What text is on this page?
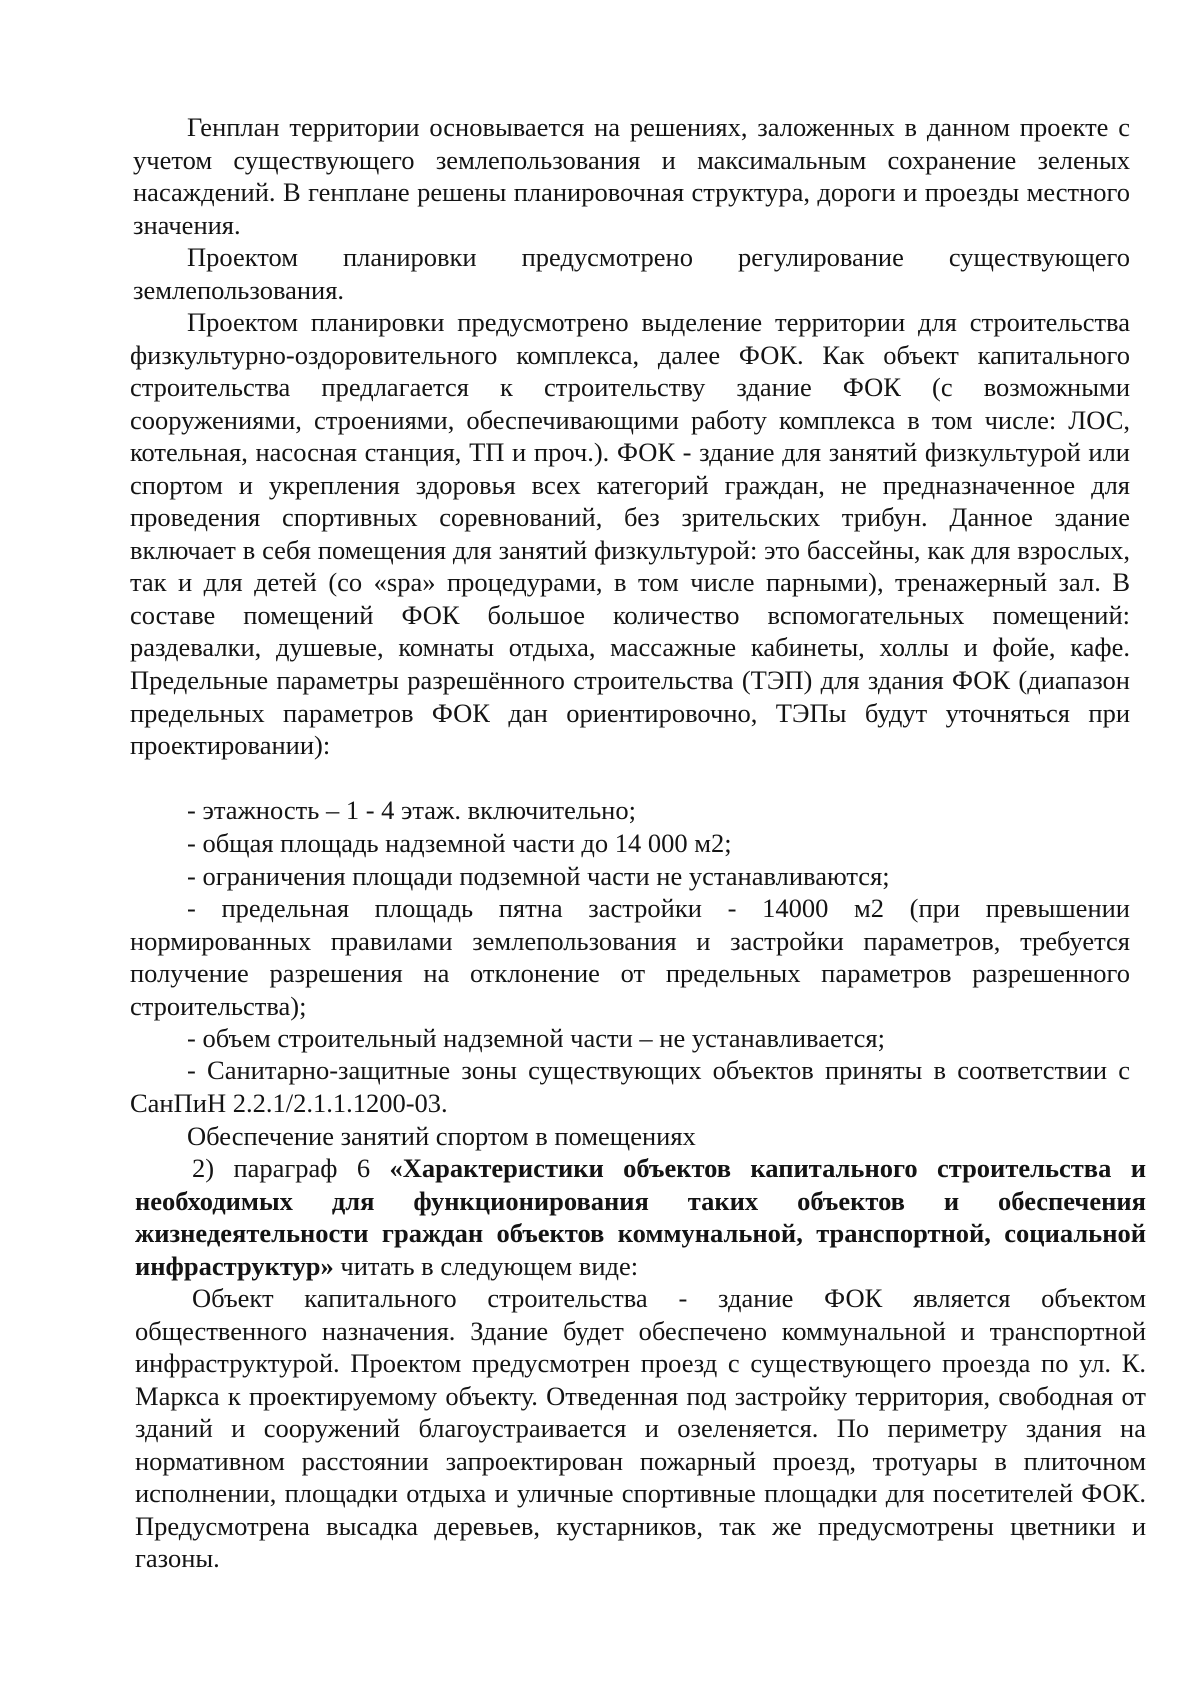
Генплан территории основывается на решениях, заложенных в данном проекте с учетом существующего землепользования и максимальным сохранение зеленых насаждений. В генплане решены планировочная структура, дороги и проезды местного значения.

Проектом планировки предусмотрено регулирование существующего землепользования.

Проектом планировки предусмотрено выделение территории для строительства физкультурно-оздоровительного комплекса, далее ФОК. Как объект капитального строительства предлагается к строительству здание ФОК (с возможными сооружениями, строениями, обеспечивающими работу комплекса в том числе: ЛОС, котельная, насосная станция, ТП и проч.). ФОК - здание для занятий физкультурой или спортом и укрепления здоровья всех категорий граждан, не предназначенное для проведения спортивных соревнований, без зрительских трибун. Данное здание включает в себя помещения для занятий физкультурой: это бассейны, как для взрослых, так и для детей (со «spa» процедурами, в том числе парными), тренажерный зал. В составе помещений ФОК большое количество вспомогательных помещений: раздевалки, душевые, комнаты отдыха, массажные кабинеты, холлы и фойе, кафе. Предельные параметры разрешённого строительства (ТЭП) для здания ФОК (диапазон предельных параметров ФОК дан ориентировочно, ТЭПы будут уточняться при проектировании):

- этажность – 1 - 4 этаж. включительно;

- общая площадь надземной части до 14 000 м2;

- ограничения площади подземной части не устанавливаются;

- предельная площадь пятна застройки - 14000 м2 (при превышении нормированных правилами землепользования и застройки параметров, требуется получение разрешения на отклонение от предельных параметров разрешенного строительства);

- объем строительный надземной части – не устанавливается;

- Санитарно-защитные зоны существующих объектов приняты в соответствии с СанПиН 2.2.1/2.1.1.1200-03.

Обеспечение занятий спортом в помещениях

2) параграф 6 «Характеристики объектов капитального строительства и необходимых для функционирования таких объектов и обеспечения жизнедеятельности граждан объектов коммунальной, транспортной, социальной инфраструктур» читать в следующем виде:

Объект капитального строительства - здание ФОК является объектом общественного назначения. Здание будет обеспечено коммунальной и транспортной инфраструктурой. Проектом предусмотрен проезд с существующего проезда по ул. К. Маркса к проектируемому объекту. Отведенная под застройку территория, свободная от зданий и сооружений благоустраивается и озеленяется. По периметру здания на нормативном расстоянии запроектирован пожарный проезд, тротуары в плиточном исполнении, площадки отдыха и уличные спортивные площадки для посетителей ФОК. Предусмотрена высадка деревьев, кустарников, так же предусмотрены цветники и газоны.
